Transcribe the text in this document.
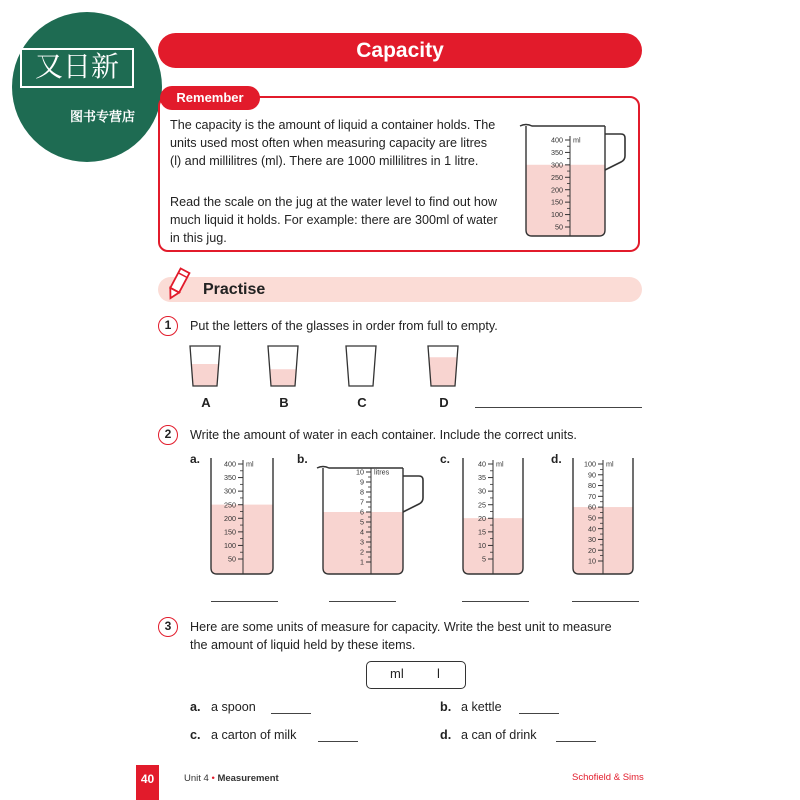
又日新
图书专营店
Capacity
Remember
The capacity is the amount of liquid a container holds. The units used most often when measuring capacity are litres (l) and millilitres (ml). There are 1000 millilitres in 1 litre.
Read the scale on the jug at the water level to find out how much liquid it holds. For example: there are 300ml of water in this jug.
400
350
300
250
200
150
100
50
ml
Practise
1	Put the letters of the glasses in order from full to empty.
A	B	C	D
2	Write the amount of water in each container. Include the correct units.
a.	b.	c.	d.
400
350
300
250
200
150
100
50
ml
10
9
8
7
6
5
4
3
2
1
litres
40
35
30
25
20
15
10
5
ml	100
90
80
70
60
50
40
30
20
10
ml
3	Here are some units of measure for capacity. Write the best unit to measure
the amount of liquid held by these items.
ml	l
a. a spoon	b. a kettle
c. a carton of milk	d. a can of drink
40	Unit 4 • Measurement	Schofield & Sims
